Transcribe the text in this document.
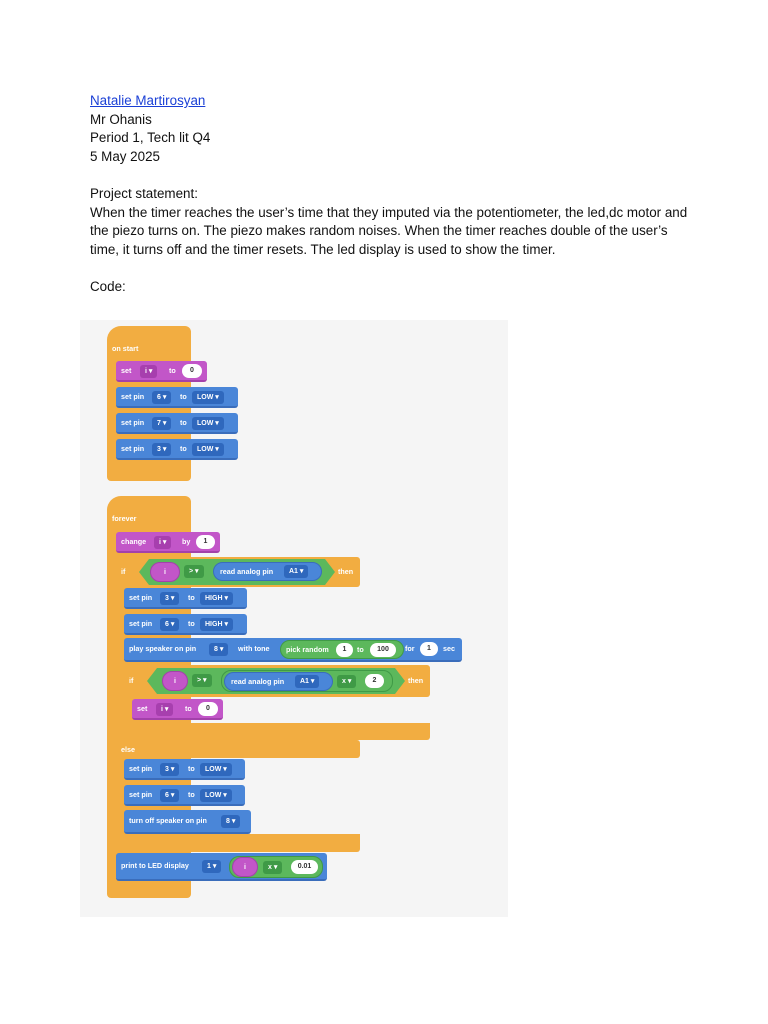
Natalie Martirosyan

Mr Ohanis

Period 1, Tech lit Q4

5 May 2025

Project statement:

When the timer reaches the user’s time that they imputed via the potentiometer, the led,dc motor and the piezo turns on. The piezo makes random noises. When the timer reaches double of the user’s time, it turns off and the timer resets. The led display is used to show the timer.

Code:

on start
set	i ▾	to	0
set pin	6 ▾	to	LOW ▾
set pin	7 ▾	to	LOW ▾
set pin	3 ▾	to	LOW ▾
forever
change	i ▾	by	1
if	then
i	> ▾	read analog pin	A1 ▾
set pin	3 ▾	to	HIGH ▾
set pin	6 ▾	to	HIGH ▾
play speaker on pin	8 ▾	with tone pick random	1	to	100	for	1	sec
if	then
i	> ▾	read analog pin	A1 ▾	x ▾	2
set	i ▾	to	0
else
set pin	3 ▾	to	LOW ▾
set pin	6 ▾	to	LOW ▾
turn off speaker on pin	8 ▾
print to LED display	1 ▾	i	x ▾	0.01
